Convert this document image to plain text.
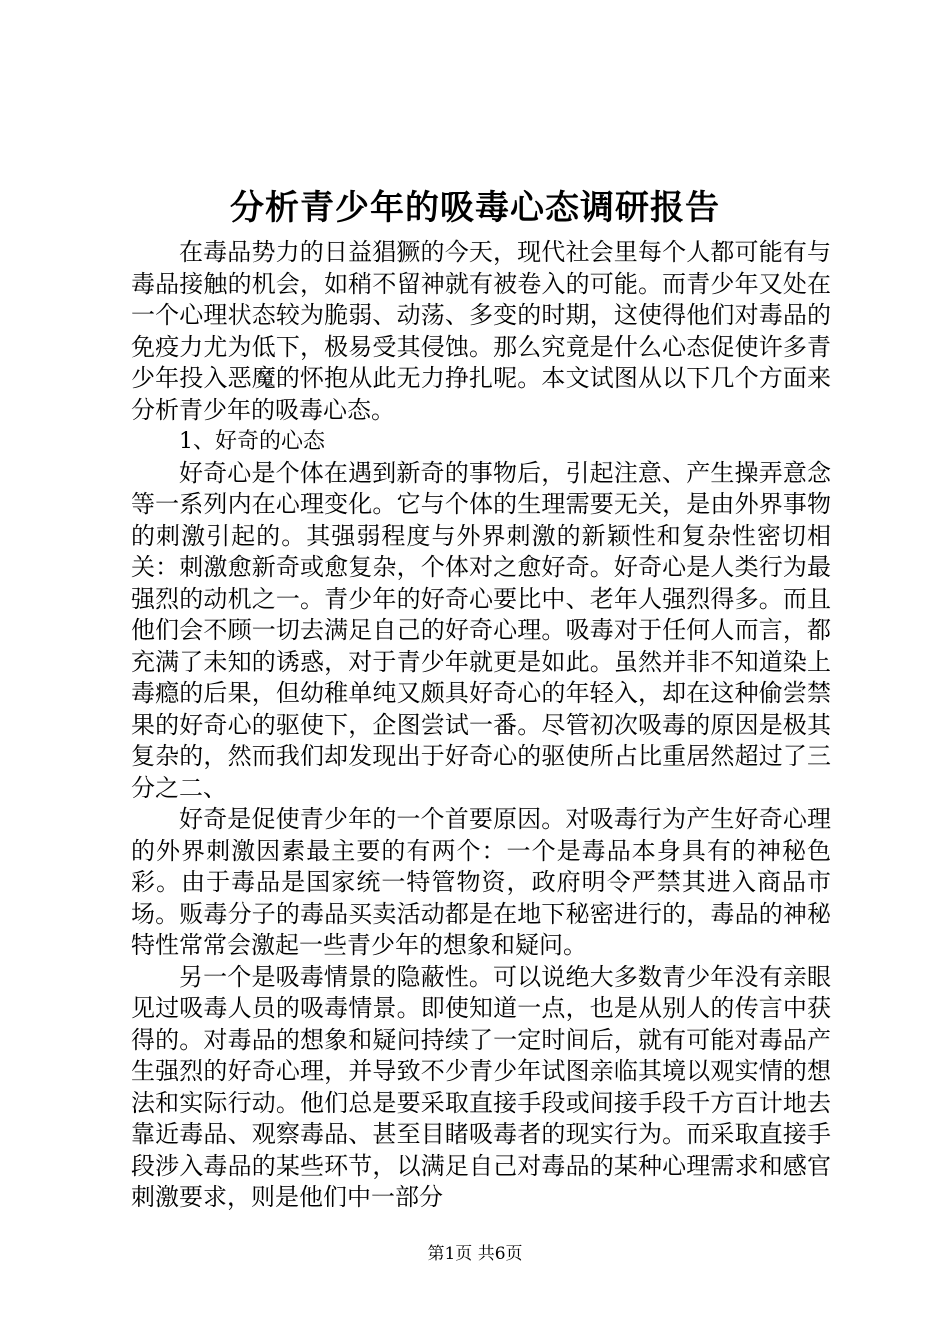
分析青少年的吸毒心态调研报告

在毒品势力的日益猖獗的今天，现代社会里每个人都可能有与毒品接触的机会，如稍不留神就有被卷入的可能。而青少年又处在一个心理状态较为脆弱、动荡、多变的时期，这使得他们对毒品的免疫力尤为低下，极易受其侵蚀。那么究竟是什么心态促使许多青少年投入恶魔的怀抱从此无力挣扎呢。本文试图从以下几个方面来分析青少年的吸毒心态。

1、好奇的心态

好奇心是个体在遇到新奇的事物后，引起注意、产生操弄意念等一系列内在心理变化。它与个体的生理需要无关，是由外界事物的刺激引起的。其强弱程度与外界刺激的新颖性和复杂性密切相关：刺激愈新奇或愈复杂，个体对之愈好奇。好奇心是人类行为最强烈的动机之一。青少年的好奇心要比中、老年人强烈得多。而且他们会不顾一切去满足自己的好奇心理。吸毒对于任何人而言，都充满了未知的诱惑，对于青少年就更是如此。虽然并非不知道染上毒瘾的后果，但幼稚单纯又颇具好奇心的年轻入，却在这种偷尝禁果的好奇心的驱使下，企图尝试一番。尽管初次吸毒的原因是极其复杂的，然而我们却发现出于好奇心的驱使所占比重居然超过了三分之二、

好奇是促使青少年的一个首要原因。对吸毒行为产生好奇心理的外界刺激因素最主要的有两个：一个是毒品本身具有的神秘色彩。由于毒品是国家统一特管物资，政府明令严禁其进入商品市场。贩毒分子的毒品买卖活动都是在地下秘密进行的，毒品的神秘特性常常会激起一些青少年的想象和疑问。

另一个是吸毒情景的隐蔽性。可以说绝大多数青少年没有亲眼见过吸毒人员的吸毒情景。即使知道一点，也是从别人的传言中获得的。对毒品的想象和疑问持续了一定时间后，就有可能对毒品产生强烈的好奇心理，并导致不少青少年试图亲临其境以观实情的想法和实际行动。他们总是要采取直接手段或间接手段千方百计地去靠近毒品、观察毒品、甚至目睹吸毒者的现实行为。而采取直接手段涉入毒品的某些环节，以满足自己对毒品的某种心理需求和感官刺激要求，则是他们中一部分

第1页 共6页
